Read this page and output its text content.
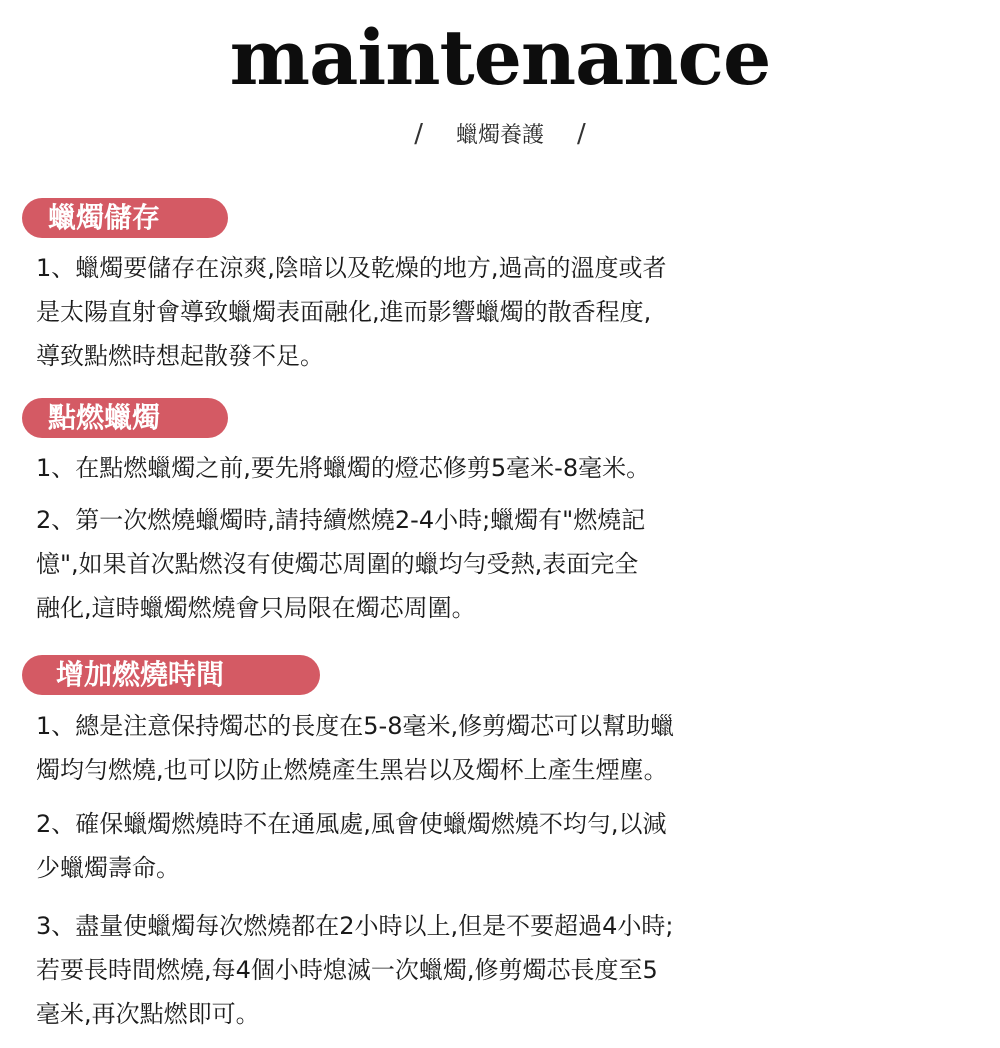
maintenance
/ 蠟燭養護 /
蠟燭儲存
1、蠟燭要儲存在涼爽,陰暗以及乾燥的地方,過高的溫度或者
是太陽直射會導致蠟燭表面融化,進而影響蠟燭的散香程度,
導致點燃時想起散發不足。
點燃蠟燭
1、在點燃蠟燭之前,要先將蠟燭的燈芯修剪5毫米-8毫米。
2、第一次燃燒蠟燭時,請持續燃燒2-4小時;蠟燭有"燃燒記
憶",如果首次點燃沒有使燭芯周圍的蠟均勻受熱,表面完全
融化,這時蠟燭燃燒會只局限在燭芯周圍。
增加燃燒時間
1、總是注意保持燭芯的長度在5-8毫米,修剪燭芯可以幫助蠟
燭均勻燃燒,也可以防止燃燒產生黑岩以及燭杯上產生煙塵。
2、確保蠟燭燃燒時不在通風處,風會使蠟燭燃燒不均勻,以減
少蠟燭壽命。
3、盡量使蠟燭每次燃燒都在2小時以上,但是不要超過4小時;
若要長時間燃燒,每4個小時熄滅一次蠟燭,修剪燭芯長度至5
毫米,再次點燃即可。
